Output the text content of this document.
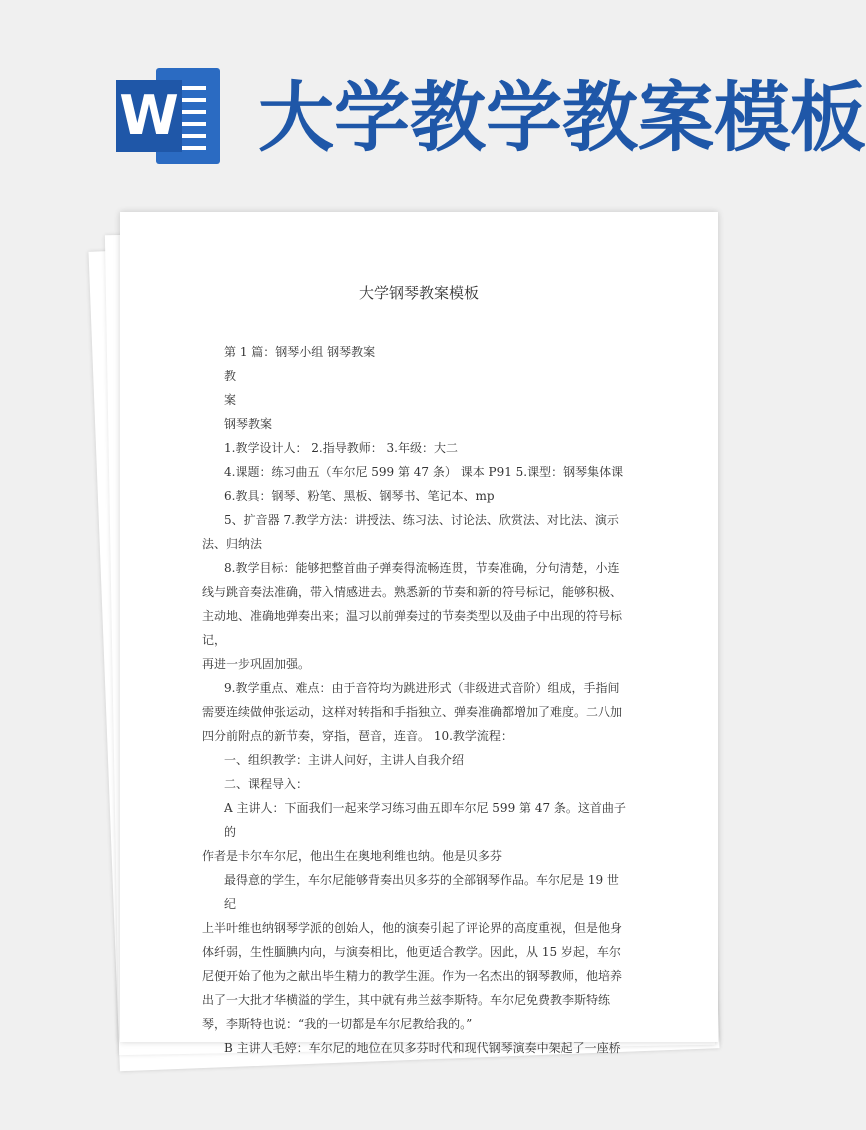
W 大学教学教案模板
大学钢琴教案模板

第 1 篇：钢琴小组 钢琴教案

教

案

钢琴教案

1.教学设计人： 2.指导教师： 3.年级：大二

4.课题：练习曲五（车尔尼 599 第 47 条） 课本 P91 5.课型：钢琴集体课

6.教具：钢琴、粉笔、黑板、钢琴书、笔记本、mp

5、扩音器 7.教学方法：讲授法、练习法、讨论法、欣赏法、对比法、演示

法、归纳法

8.教学目标：能够把整首曲子弹奏得流畅连贯，节奏准确，分句清楚，小连

线与跳音奏法准确，带入情感进去。熟悉新的节奏和新的符号标记，能够积极、

主动地、准确地弹奏出来；温习以前弹奏过的节奏类型以及曲子中出现的符号标记，

再进一步巩固加强。

9.教学重点、难点：由于音符均为跳进形式（非级进式音阶）组成，手指间

需要连续做伸张运动，这样对转指和手指独立、弹奏准确都增加了难度。二八加

四分前附点的新节奏，穿指，琶音，连音。 10.教学流程：

一、组织教学：主讲人问好，主讲人自我介绍

二、课程导入：

A 主讲人：下面我们一起来学习练习曲五即车尔尼 599 第 47 条。这首曲子的

作者是卡尔车尔尼，他出生在奥地利维也纳。他是贝多芬

最得意的学生，车尔尼能够背奏出贝多芬的全部钢琴作品。车尔尼是 19 世纪

上半叶维也纳钢琴学派的创始人，他的演奏引起了评论界的高度重视，但是他身

体纤弱，生性腼腆内向，与演奏相比，他更适合教学。因此，从 15 岁起，车尔

尼便开始了他为之献出毕生精力的教学生涯。作为一名杰出的钢琴教师，他培养

出了一大批才华横溢的学生，其中就有弗兰兹李斯特。车尔尼免费教李斯特练

琴，李斯特也说：“我的一切都是车尔尼教给我的。”

B 主讲人毛婷：车尔尼的地位在贝多芬时代和现代钢琴演奏中架起了一座桥
